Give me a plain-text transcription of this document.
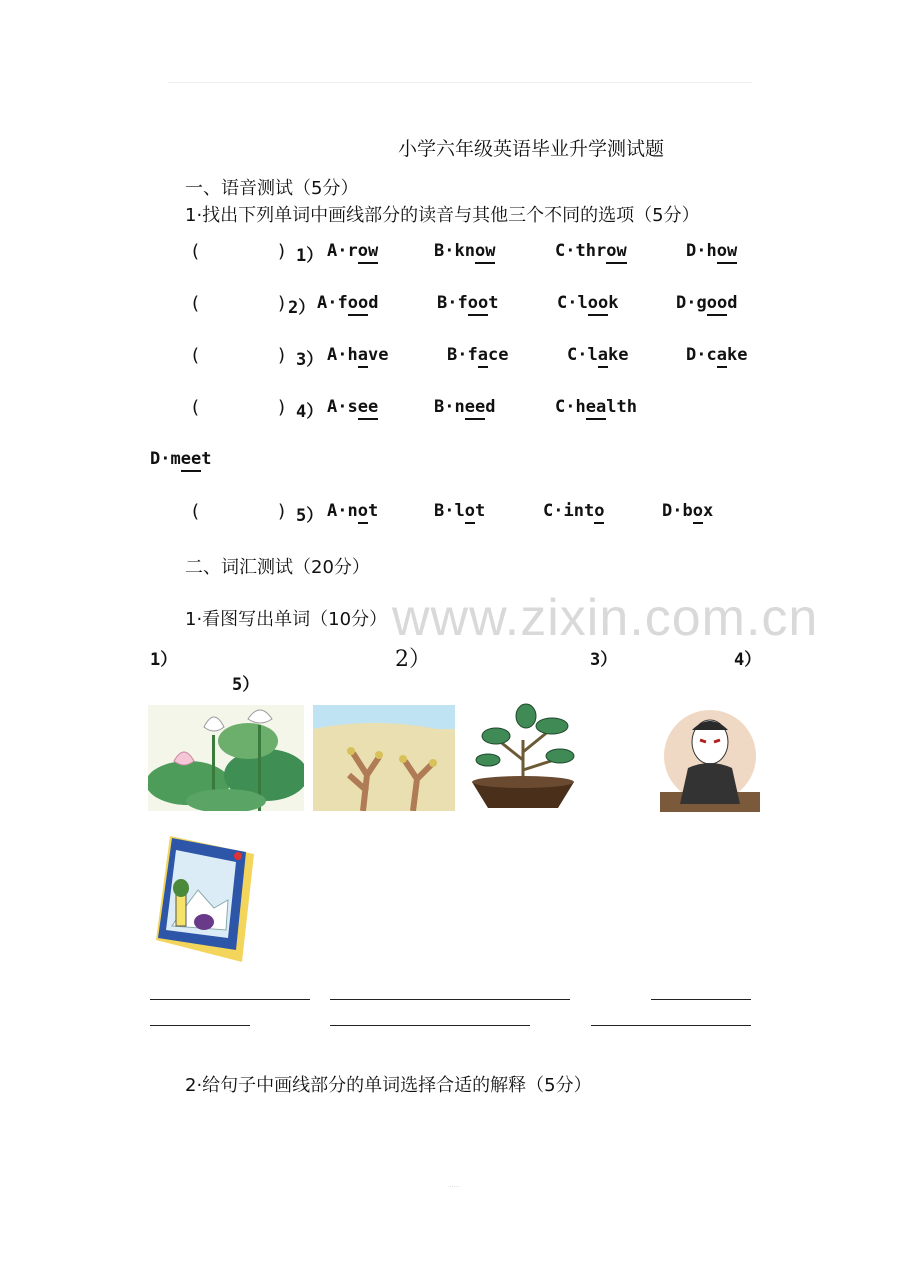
小学六年级英语毕业升学测试题
一、语音测试（5分）
1·找出下列单词中画线部分的读音与其他三个不同的选项（5分）
(	) 1） A·row	B·know	C·throw	D·how
(	) 2） A·food	B·foot	C·look	D·good
(	) 3） A·have	B·face	C·lake	D·cake
(	) 4） A·see	B·need	C·health
D·meet
(	) 5） A·not	B·lot	C·into	D·box
二、词汇测试（20分）
www.zixin.com.cn
1·看图写出单词（10分）
1）	2）	3）	4）
5）
2·给句子中画线部分的单词选择合适的解释（5分）
......
